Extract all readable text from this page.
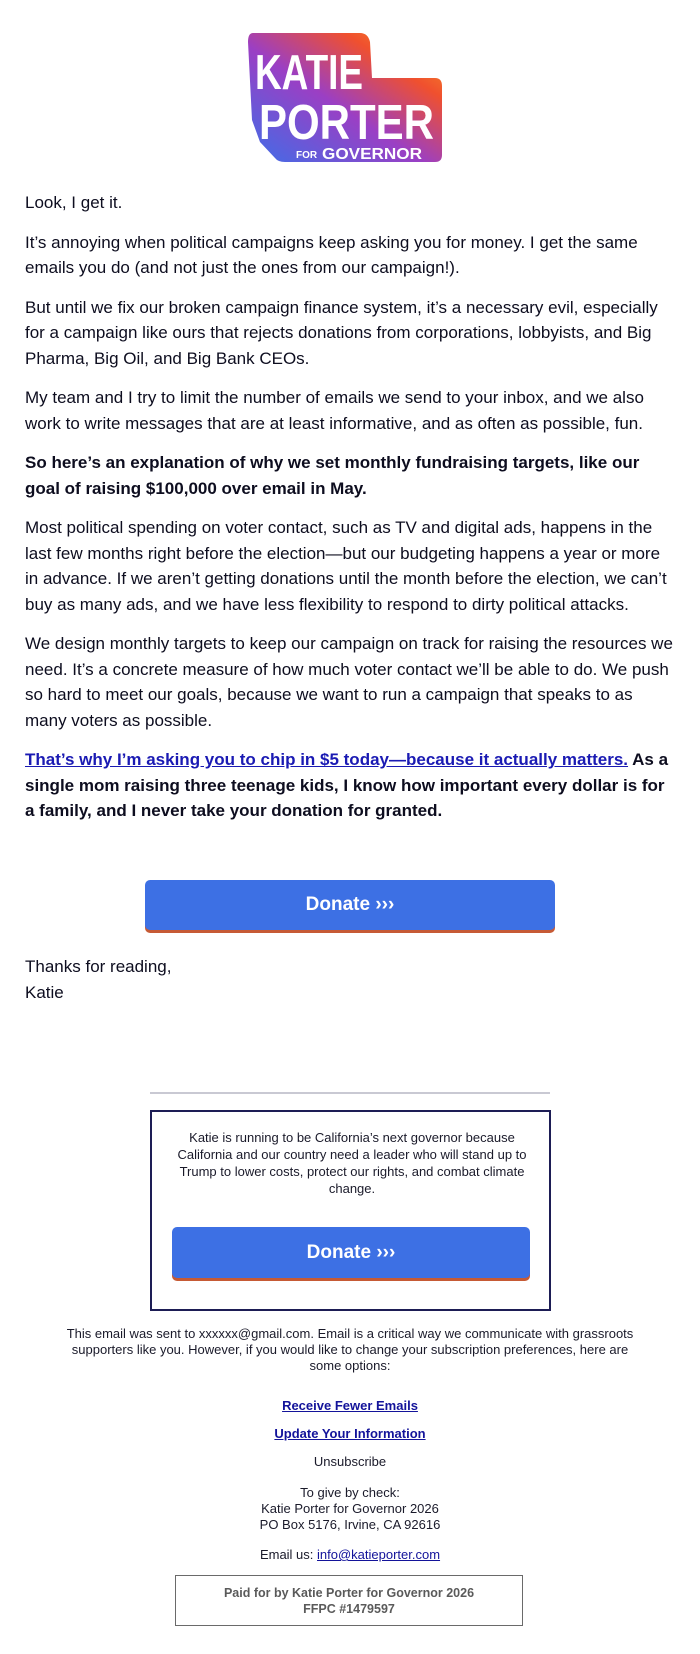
KATIE
PORTER
FOR GOVERNOR

Look, I get it.

It’s annoying when political campaigns keep asking you for money. I get the same emails you do (and not just the ones from our campaign!).

But until we fix our broken campaign finance system, it’s a necessary evil, especially for a campaign like ours that rejects donations from corporations, lobbyists, and Big Pharma, Big Oil, and Big Bank CEOs.

My team and I try to limit the number of emails we send to your inbox, and we also work to write messages that are at least informative, and as often as possible, fun.

So here’s an explanation of why we set monthly fundraising targets, like our goal of raising $100,000 over email in May.

Most political spending on voter contact, such as TV and digital ads, happens in the last few months right before the election—but our budgeting happens a year or more in advance. If we aren’t getting donations until the month before the election, we can’t buy as many ads, and we have less flexibility to respond to dirty political attacks.

We design monthly targets to keep our campaign on track for raising the resources we need. It’s a concrete measure of how much voter contact we’ll be able to do. We push so hard to meet our goals, because we want to run a campaign that speaks to as many voters as possible.

That’s why I’m asking you to chip in $5 today—because it actually matters. As a single mom raising three teenage kids, I know how important every dollar is for a family, and I never take your donation for granted.

Donate ›››
Thanks for reading,
Katie
Katie is running to be California’s next governor because California and our country need a leader who will stand up to Trump to lower costs, protect our rights, and combat climate change.
Donate ›››
This email was sent to xxxxxx@gmail.com. Email is a critical way we communicate with grassroots supporters like you. However, if you would like to change your subscription preferences, here are some options:
Receive Fewer Emails
Update Your Information
Unsubscribe
To give by check:
Katie Porter for Governor 2026
PO Box 5176, Irvine, CA 92616
Email us: info@katieporter.com
Paid for by Katie Porter for Governor 2026
FFPC #1479597
